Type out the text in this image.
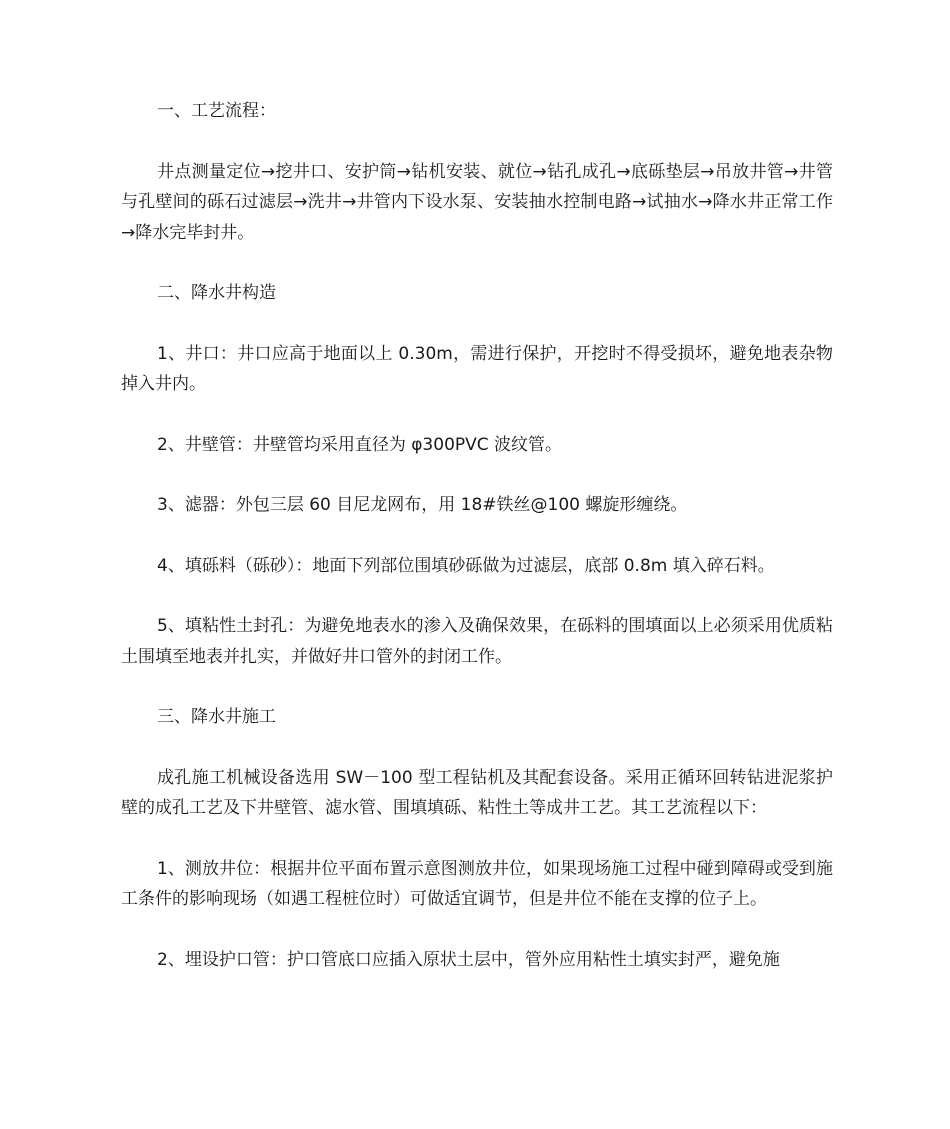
一、工艺流程：

井点测量定位→挖井口、安护筒→钻机安装、就位→钻孔成孔→底砾垫层→吊放井管→井管与孔壁间的砾石过滤层→洗井→井管内下设水泵、安装抽水控制电路→试抽水→降水井正常工作→降水完毕封井。

二、降水井构造

1、井口：井口应高于地面以上 0.30m，需进行保护，开挖时不得受损坏，避免地表杂物掉入井内。

2、井壁管：井壁管均采用直径为 φ300PVC 波纹管。

3、滤器：外包三层 60 目尼龙网布，用 18#铁丝@100 螺旋形缠绕。

4、填砾料（砾砂）：地面下列部位围填砂砾做为过滤层，底部 0.8m 填入碎石料。

5、填粘性土封孔：为避免地表水的渗入及确保效果，在砾料的围填面以上必须采用优质粘土围填至地表并扎实，并做好井口管外的封闭工作。

三、降水井施工

成孔施工机械设备选用 SW－100 型工程钻机及其配套设备。采用正循环回转钻进泥浆护壁的成孔工艺及下井壁管、滤水管、围填填砾、粘性土等成井工艺。其工艺流程以下：

1、测放井位：根据井位平面布置示意图测放井位，如果现场施工过程中碰到障碍或受到施工条件的影响现场（如遇工程桩位时）可做适宜调节，但是井位不能在支撑的位子上。

2、埋设护口管：护口管底口应插入原状土层中，管外应用粘性土填实封严，避免施
